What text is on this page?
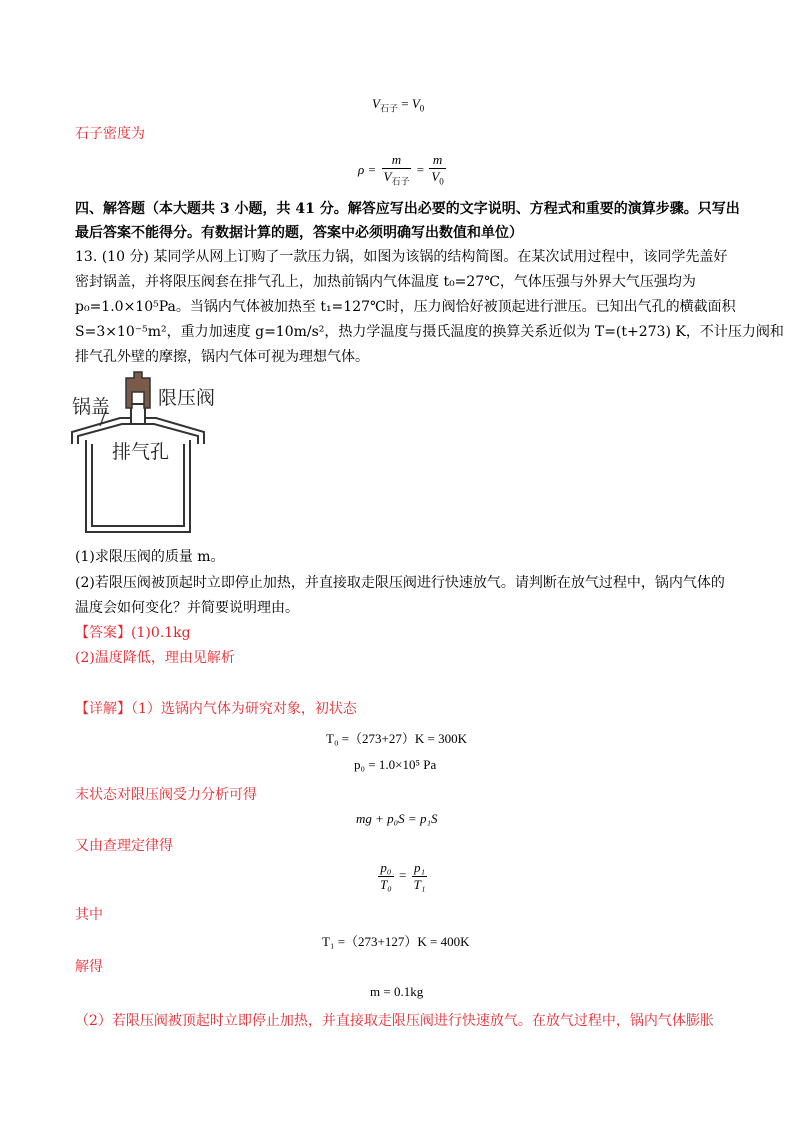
$V_{石子} = V_0$
石子密度为
$\rho = \frac{m}{V_{石子}} = \frac{m}{V_0}$
四、解答题（本大题共 3 小题，共 41 分。解答应写出必要的文字说明、方程式和重要的演算步骤。只写出
最后答案不能得分。有数据计算的题，答案中必须明确写出数值和单位）
13. (10 分) 某同学从网上订购了一款压力锅，如图为该锅的结构简图。在某次试用过程中，该同学先盖好
密封锅盖，并将限压阀套在排气孔上，加热前锅内气体温度 t₀=27℃，气体压强与外界大气压强均为
p₀=1.0×10⁵Pa。当锅内气体被加热至 t₁=127℃时，压力阀恰好被顶起进行泄压。已知出气孔的横截面积
S=3×10⁻⁵m²，重力加速度 g=10m/s²，热力学温度与摄氏温度的换算关系近似为 T=(t+273) K，不计压力阀和
排气孔外壁的摩擦，锅内气体可视为理想气体。
锅盖	限压阀
排气孔
(1)求限压阀的质量 m。
(2)若限压阀被顶起时立即停止加热，并直接取走限压阀进行快速放气。请判断在放气过程中，锅内气体的
温度会如何变化？并简要说明理由。
【答案】(1)0.1kg
(2)温度降低，理由见解析
【详解】（1）选锅内气体为研究对象，初状态
T₀ =（273+27）K = 300K
p₀ = 1.0×10⁵ Pa
末状态对限压阀受力分析可得
mg + p₀S = p₁S
又由查理定律得
$\frac{\text{p₀}}{\text{T₀}} = \frac{\text{p₁}}{\text{T₁}}$
其中
T₁ =（273+127）K = 400K
解得
m = 0.1kg
（2）若限压阀被顶起时立即停止加热，并直接取走限压阀进行快速放气。在放气过程中，锅内气体膨胀
